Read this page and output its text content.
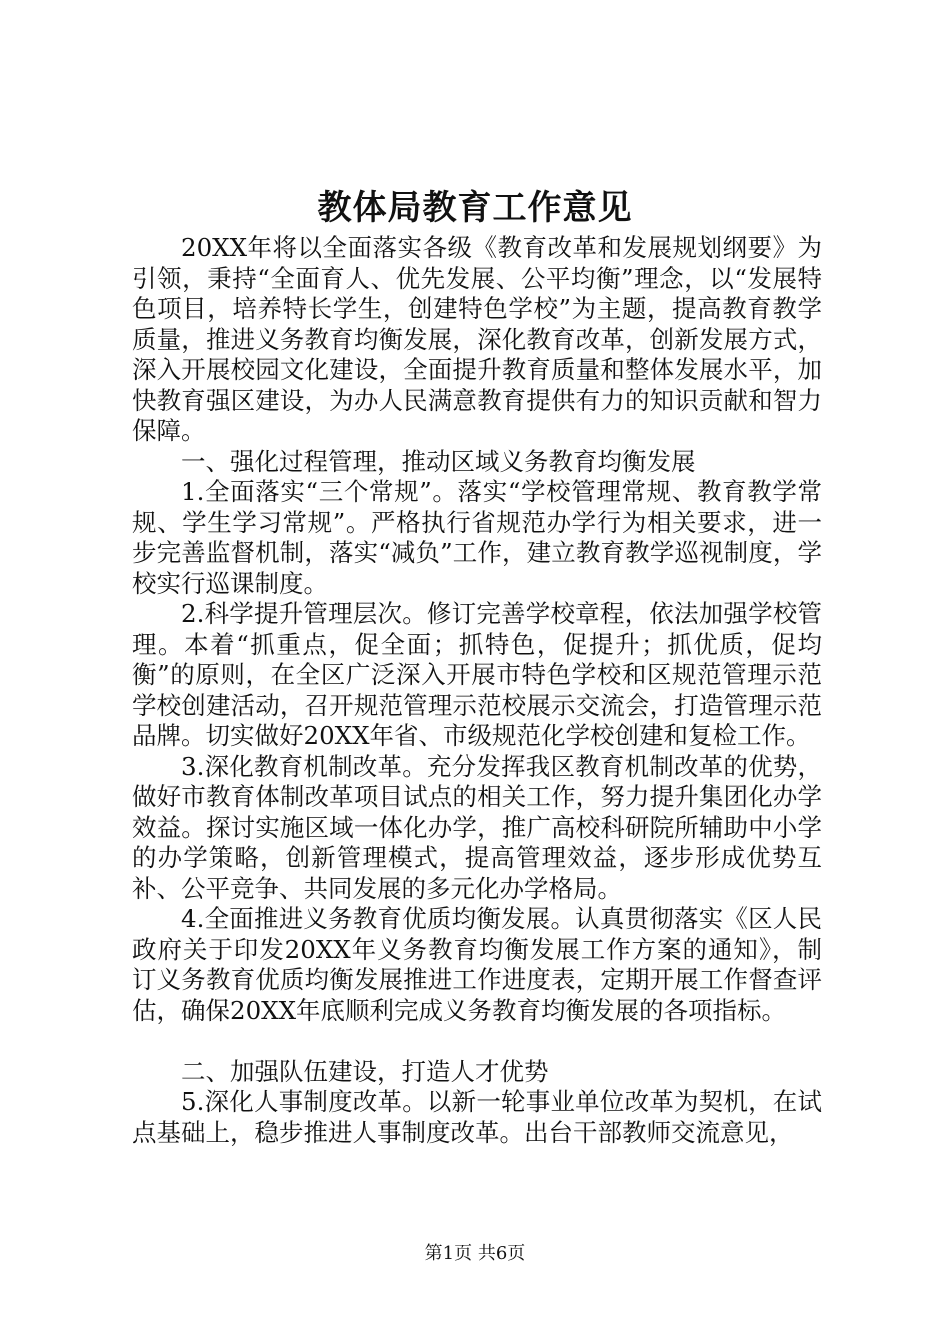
教体局教育工作意见

20XX年将以全面落实各级《教育改革和发展规划纲要》为引领，秉持“全面育人、优先发展、公平均衡”理念，以“发展特色项目，培养特长学生，创建特色学校”为主题，提高教育教学质量，推进义务教育均衡发展，深化教育改革，创新发展方式，深入开展校园文化建设，全面提升教育质量和整体发展水平，加快教育强区建设，为办人民满意教育提供有力的知识贡献和智力保障。

一、强化过程管理，推动区域义务教育均衡发展

1.全面落实“三个常规”。落实“学校管理常规、教育教学常规、学生学习常规”。严格执行省规范办学行为相关要求，进一步完善监督机制，落实“减负”工作，建立教育教学巡视制度，学校实行巡课制度。

2.科学提升管理层次。修订完善学校章程，依法加强学校管理。本着“抓重点，促全面；抓特色，促提升；抓优质，促均衡”的原则，在全区广泛深入开展市特色学校和区规范管理示范学校创建活动，召开规范管理示范校展示交流会，打造管理示范品牌。切实做好20XX年省、市级规范化学校创建和复检工作。

3.深化教育机制改革。充分发挥我区教育机制改革的优势，做好市教育体制改革项目试点的相关工作，努力提升集团化办学效益。探讨实施区域一体化办学，推广高校科研院所辅助中小学的办学策略，创新管理模式，提高管理效益，逐步形成优势互补、公平竞争、共同发展的多元化办学格局。

4.全面推进义务教育优质均衡发展。认真贯彻落实《区人民政府关于印发20XX年义务教育均衡发展工作方案的通知》，制订义务教育优质均衡发展推进工作进度表，定期开展工作督查评估，确保20XX年底顺利完成义务教育均衡发展的各项指标。

二、加强队伍建设，打造人才优势

5.深化人事制度改革。以新一轮事业单位改革为契机，在试点基础上，稳步推进人事制度改革。出台干部教师交流意见，

第1页 共6页
